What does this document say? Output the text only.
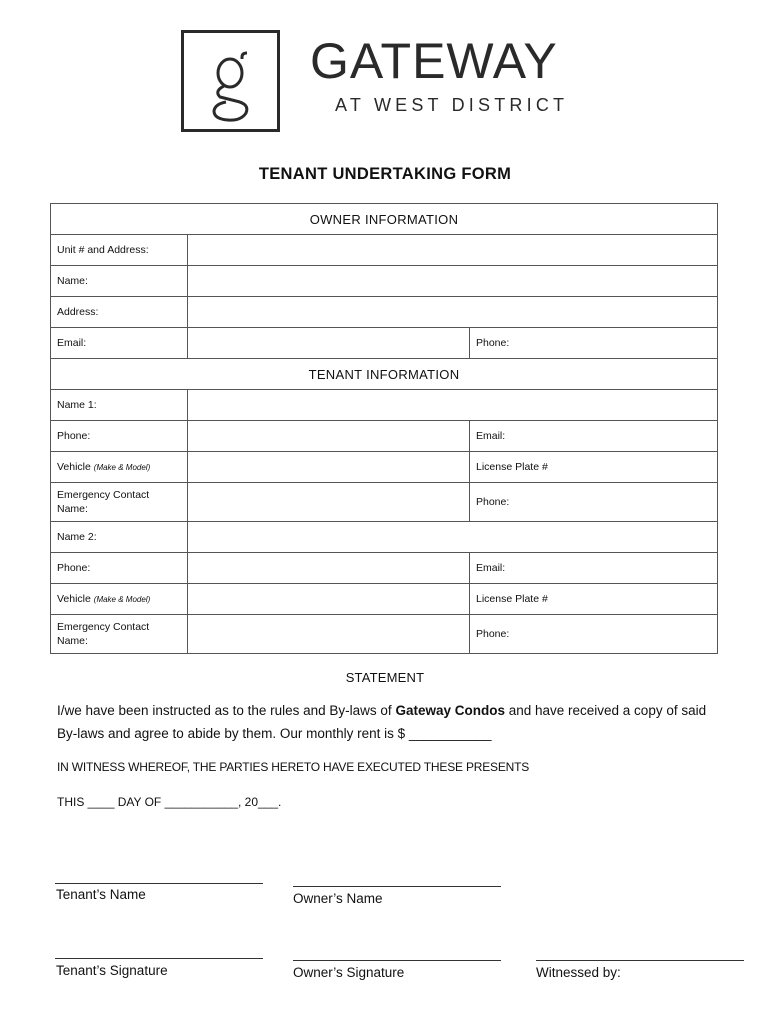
GATEWAY
AT WEST DISTRICT
TENANT UNDERTAKING FORM
OWNER INFORMATION		
Unit # and Address:		
Name:		
Address:		
Email:		Phone:
TENANT INFORMATION		
Name 1:		
Phone:		Email:
Vehicle (Make & Model)		License Plate #
Emergency Contact
Name:		Phone:
Name 2:		
Phone:		Email:
Vehicle (Make & Model)		License Plate #
Emergency Contact
Name:		Phone:
STATEMENT
I/we have been instructed as to the rules and By-laws of Gateway Condos and have received a copy of said By-laws and agree to abide by them. Our monthly rent is $ ___________
IN WITNESS WHEREOF, THE PARTIES HERETO HAVE EXECUTED THESE PRESENTS
THIS ____ DAY OF ___________, 20___.
Tenant’s Name	Owner’s Name
Tenant’s Signature	Owner’s Signature	Witnessed by:
